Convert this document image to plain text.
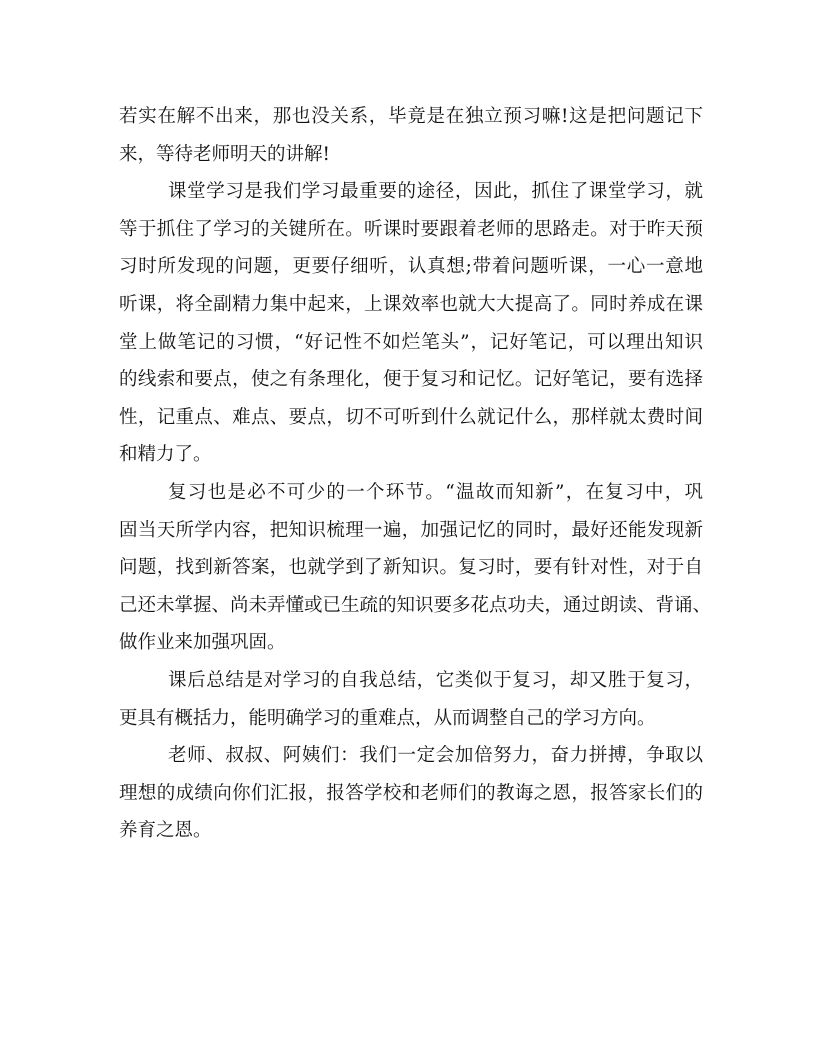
若实在解不出来，那也没关系，毕竟是在独立预习嘛!这是把问题记下
来，等待老师明天的讲解!
课堂学习是我们学习最重要的途径，因此，抓住了课堂学习，就
等于抓住了学习的关键所在。听课时要跟着老师的思路走。对于昨天预
习时所发现的问题，更要仔细听，认真想;带着问题听课，一心一意地
听课，将全副精力集中起来，上课效率也就大大提高了。同时养成在课
堂上做笔记的习惯，“好记性不如烂笔头”，记好笔记，可以理出知识
的线索和要点，使之有条理化，便于复习和记忆。记好笔记，要有选择
性，记重点、难点、要点，切不可听到什么就记什么，那样就太费时间
和精力了。
复习也是必不可少的一个环节。“温故而知新”，在复习中，巩
固当天所学内容，把知识梳理一遍，加强记忆的同时，最好还能发现新
问题，找到新答案，也就学到了新知识。复习时，要有针对性，对于自
己还未掌握、尚未弄懂或已生疏的知识要多花点功夫，通过朗读、背诵、
做作业来加强巩固。
课后总结是对学习的自我总结，它类似于复习，却又胜于复习，
更具有概括力，能明确学习的重难点，从而调整自己的学习方向。
老师、叔叔、阿姨们：我们一定会加倍努力，奋力拼搏，争取以
理想的成绩向你们汇报，报答学校和老师们的教诲之恩，报答家长们的
养育之恩。
